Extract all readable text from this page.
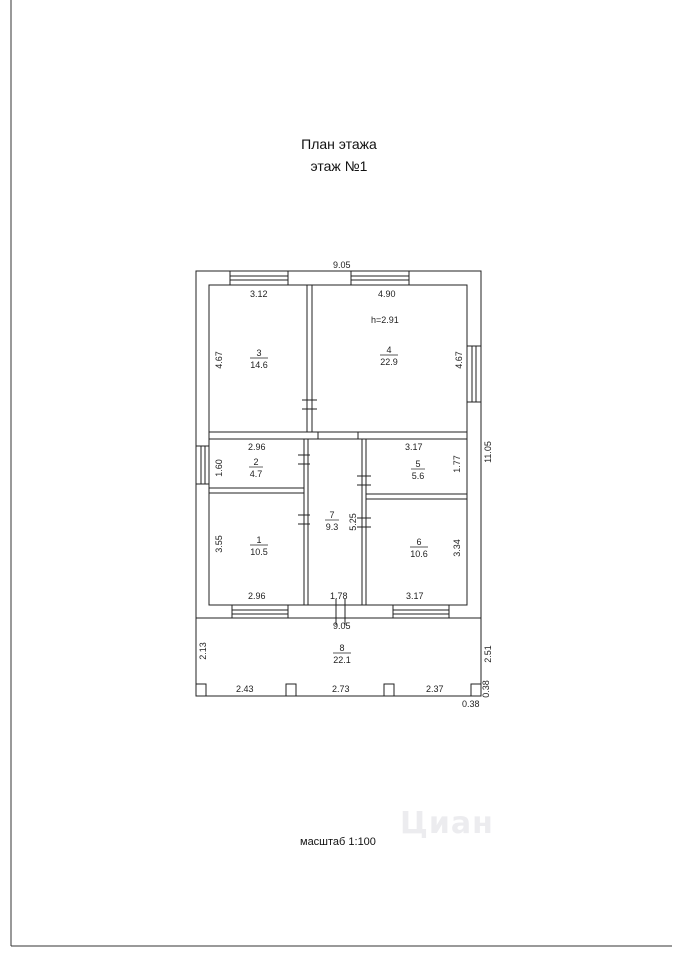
План этажа
этаж №1
9.05
11.05
3.12	4.90
4.67	4.67
2.96
1.60
3.17
1.77
5.25
3.55
2.96	1.78
3.34
3.17
9.05
2.13	2.51
2.43	2.73	2.37	0.38
0.38
h=2.91
3
14.6
4
22.9
2
4.7
5
5.6
7
9.3
1
10.5
6
10.6
8
22.1
Циан
масштаб 1:100
